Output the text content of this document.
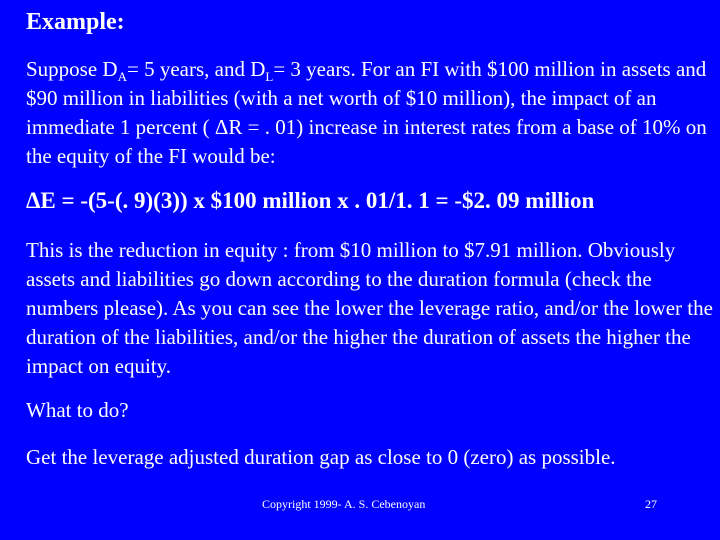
Example:
Suppose $D_A= 5$ years, and $D_L= 3$ years. For an FI with $100 million in assets and $90 million in liabilities (with a net worth of $10 million), the impact of an immediate 1 percent ( ΔR = . 01) increase in interest rates from a base of 10% on the equity of the FI would be:
ΔE = -(5-(. 9)(3)) x $100 million x . 01/1. 1 = -$2. 09 million
This is the reduction in equity : from $10 million to $7.91 million. Obviously assets and liabilities go down according to the duration formula (check the numbers please). As you can see the lower the leverage ratio, and/or the lower the duration of the liabilities, and/or the higher the duration of assets the higher the impact on equity.
What to do?
Get the leverage adjusted duration gap as close to 0 (zero) as possible.
Copyright 1999- A. S. Cebenoyan	27
